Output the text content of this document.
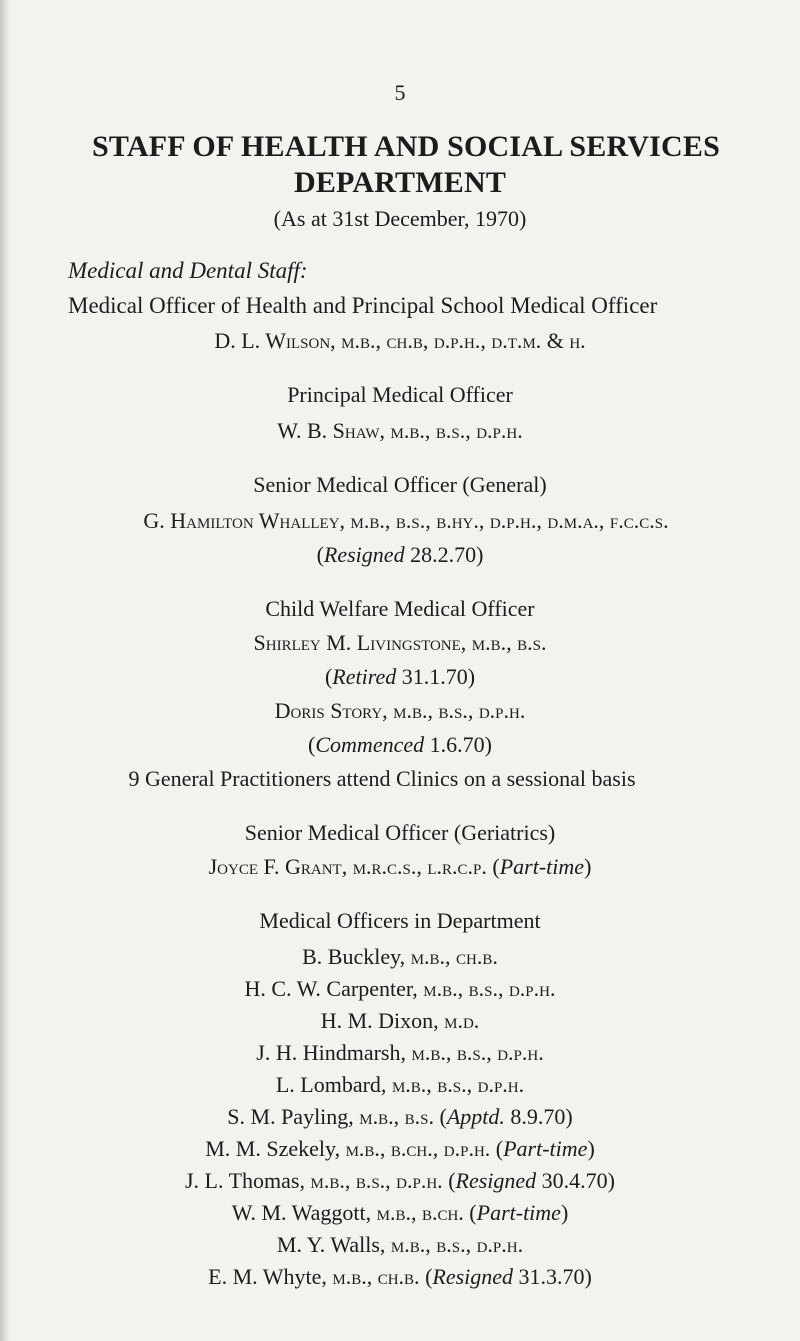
5
STAFF OF HEALTH AND SOCIAL SERVICES
DEPARTMENT
(As at 31st December, 1970)
Medical and Dental Staff:
Medical Officer of Health and Principal School Medical Officer
D. L. Wilson, m.b., ch.b, d.p.h., d.t.m. & h.
Principal Medical Officer
W. B. Shaw, m.b., b.s., d.p.h.
Senior Medical Officer (General)
G. Hamilton Whalley, m.b., b.s., b.hy., d.p.h., d.m.a., f.c.c.s.
(Resigned 28.2.70)
Child Welfare Medical Officer
Shirley M. Livingstone, m.b., b.s.
(Retired 31.1.70)
Doris Story, m.b., b.s., d.p.h.
(Commenced 1.6.70)
9 General Practitioners attend Clinics on a sessional basis
Senior Medical Officer (Geriatrics)
Joyce F. Grant, m.r.c.s., l.r.c.p. (Part-time)
Medical Officers in Department
B. Buckley, m.b., ch.b.
H. C. W. Carpenter, m.b., b.s., d.p.h.
H. M. Dixon, m.d.
J. H. Hindmarsh, m.b., b.s., d.p.h.
L. Lombard, m.b., b.s., d.p.h.
S. M. Payling, m.b., b.s. (Apptd. 8.9.70)
M. M. Szekely, m.b., b.ch., d.p.h. (Part-time)
J. L. Thomas, m.b., b.s., d.p.h. (Resigned 30.4.70)
W. M. Waggott, m.b., b.ch. (Part-time)
M. Y. Walls, m.b., b.s., d.p.h.
E. M. Whyte, m.b., ch.b. (Resigned 31.3.70)
